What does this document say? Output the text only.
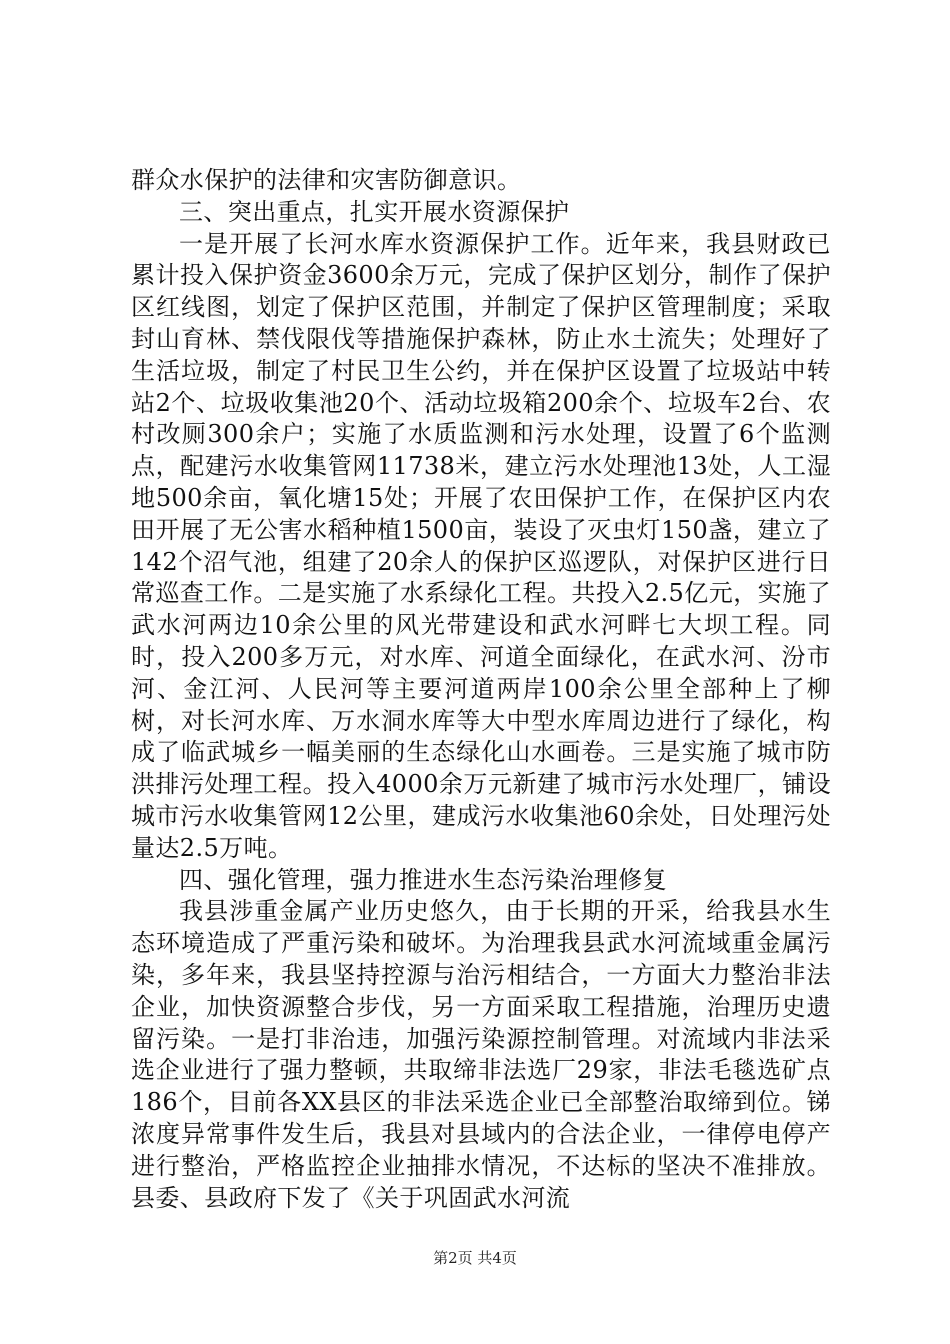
群众水保护的法律和灾害防御意识。

三、突出重点，扎实开展水资源保护

一是开展了长河水库水资源保护工作。近年来，我县财政已累计投入保护资金3600余万元，完成了保护区划分，制作了保护区红线图，划定了保护区范围，并制定了保护区管理制度；采取封山育林、禁伐限伐等措施保护森林，防止水土流失；处理好了生活垃圾，制定了村民卫生公约，并在保护区设置了垃圾站中转站2个、垃圾收集池20个、活动垃圾箱200余个、垃圾车2台、农村改厕300余户；实施了水质监测和污水处理，设置了6个监测点，配建污水收集管网11738米，建立污水处理池13处，人工湿地500余亩，氧化塘15处；开展了农田保护工作，在保护区内农田开展了无公害水稻种植1500亩，装设了灭虫灯150盏，建立了142个沼气池，组建了20余人的保护区巡逻队，对保护区进行日常巡查工作。二是实施了水系绿化工程。共投入2.5亿元，实施了武水河两边10余公里的风光带建设和武水河畔七大坝工程。同时，投入200多万元，对水库、河道全面绿化，在武水河、汾市河、金江河、人民河等主要河道两岸100余公里全部种上了柳树，对长河水库、万水洞水库等大中型水库周边进行了绿化，构成了临武城乡一幅美丽的生态绿化山水画卷。三是实施了城市防洪排污处理工程。投入4000余万元新建了城市污水处理厂，铺设城市污水收集管网12公里，建成污水收集池60余处，日处理污处量达2.5万吨。

四、强化管理，强力推进水生态污染治理修复

我县涉重金属产业历史悠久，由于长期的开采，给我县水生态环境造成了严重污染和破坏。为治理我县武水河流域重金属污染，多年来，我县坚持控源与治污相结合，一方面大力整治非法企业，加快资源整合步伐，另一方面采取工程措施，治理历史遗留污染。一是打非治违，加强污染源控制管理。对流域内非法采选企业进行了强力整顿，共取缔非法选厂29家，非法毛毯选矿点186个，目前各XX县区的非法采选企业已全部整治取缔到位。锑浓度异常事件发生后，我县对县域内的合法企业，一律停电停产进行整治，严格监控企业抽排水情况，不达标的坚决不准排放。县委、县政府下发了《关于巩固武水河流

第2页 共4页
